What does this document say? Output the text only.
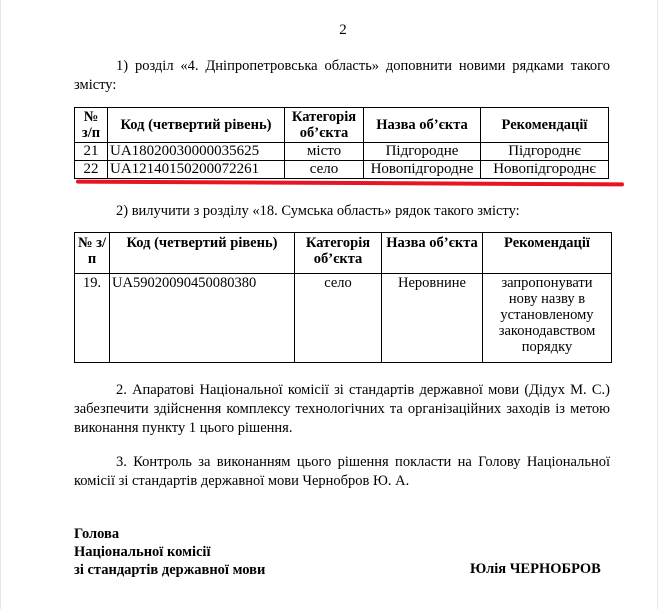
2
1) розділ «4. Дніпропетровська область» доповнити новими рядками такого змісту:
№ з/п	Код (четвертий рівень)	Категорія об’єкта	Назва об’єкта	Рекомендації
21	UA18020030000035625	місто	Підгородне	Підгороднє
22	UA12140150200072261	село	Новопідгородне	Новопідгороднє
2) вилучити з розділу «18. Сумська область» рядок такого змісту:
№ з/п	Код (четвертий рівень)	Категорія об’єкта	Назва об’єкта	Рекомендації
19.	UA59020090450080380	село	Неровнине	запропонувати нову назву в установленому законодавством порядку
2. Апаратові Національної комісії зі стандартів державної мови (Дідух М. С.) забезпечити здійснення комплексу технологічних та організаційних заходів із метою виконання пункту 1 цього рішення.
3. Контроль за виконанням цього рішення покласти на Голову Національної комісії зі стандартів державної мови Чернобров Ю. А.
Голова
Національної комісії
зі стандартів державної мови	Юлія ЧЕРНОБРОВ
